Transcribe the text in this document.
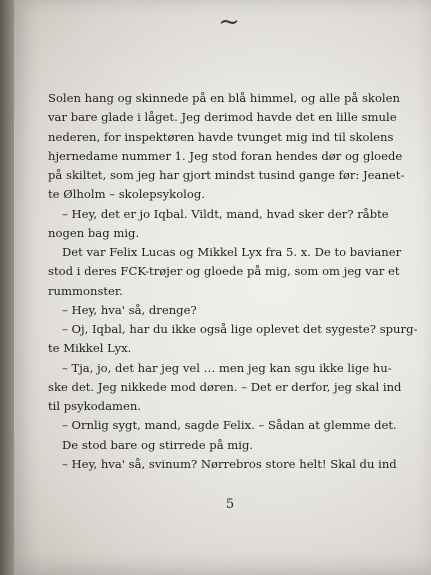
~
Solen hang og skinnede på en blå himmel, og alle på skolen
var bare glade i låget. Jeg derimod havde det en lille smule
nederen, for inspektøren havde tvunget mig ind til skolens
hjernedame nummer 1. Jeg stod foran hendes dør og gloede
på skiltet, som jeg har gjort mindst tusind gange før: Jeanet-
te Ølholm – skolepsykolog.
– Hey, det er jo Iqbal. Vildt, mand, hvad sker der? råbte
nogen bag mig.
Det var Felix Lucas og Mikkel Lyx fra 5. x. De to bavianer
stod i deres FCK-trøjer og gloede på mig, som om jeg var et
rummonster.
– Hey, hva' så, drenge?
– Oj, Iqbal, har du ikke også lige oplevet det sygeste? spurg-
te Mikkel Lyx.
– Tja, jo, det har jeg vel … men jeg kan sgu ikke lige hu-
ske det. Jeg nikkede mod døren. – Det er derfor, jeg skal ind
til psykodamen.
– Ornlig sygt, mand, sagde Felix. – Sådan at glemme det.
De stod bare og stirrede på mig.
– Hey, hva' så, svinum? Nørrebros store helt! Skal du ind
5
